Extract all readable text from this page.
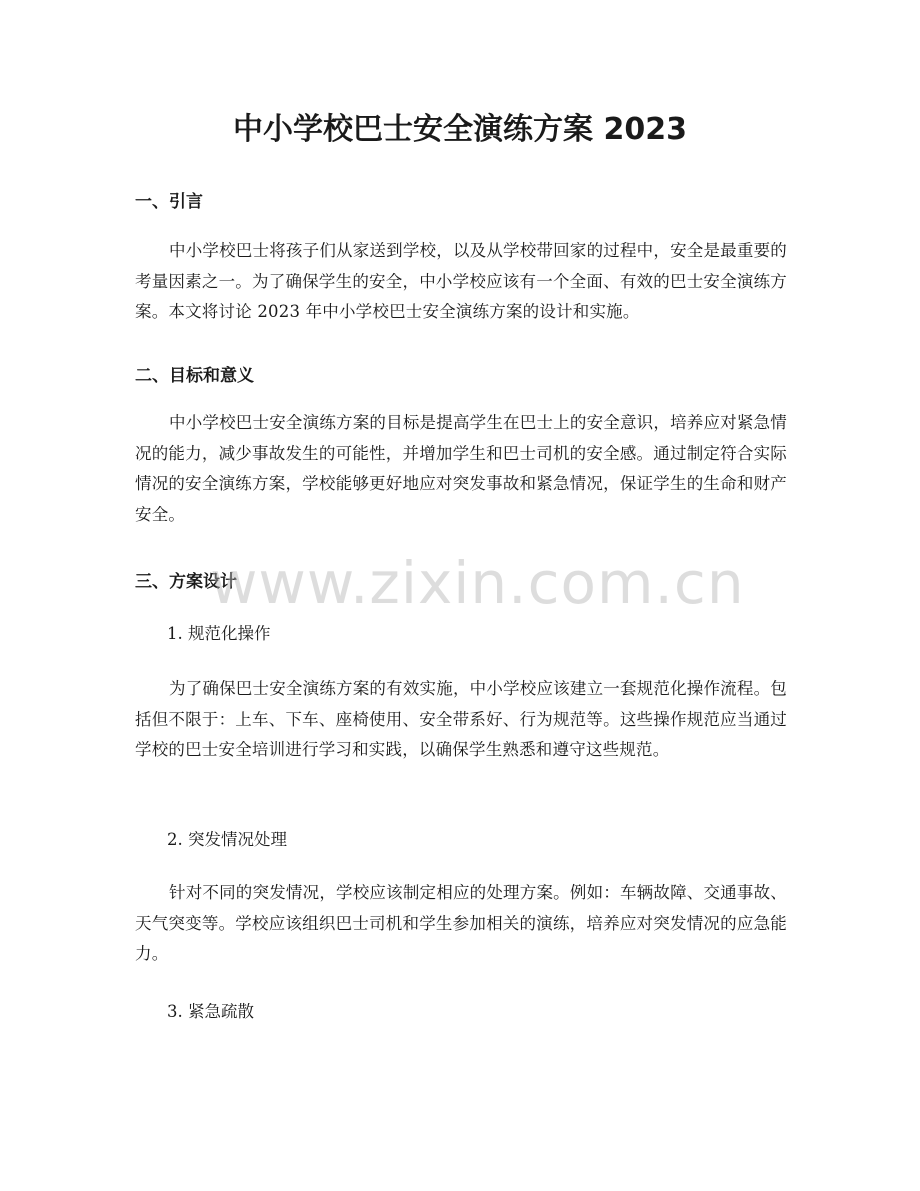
中小学校巴士安全演练方案 2023
一、引言

中小学校巴士将孩子们从家送到学校，以及从学校带回家的过程中，安全是最重要的考量因素之一。为了确保学生的安全，中小学校应该有一个全面、有效的巴士安全演练方案。本文将讨论 2023 年中小学校巴士安全演练方案的设计和实施。

二、目标和意义

中小学校巴士安全演练方案的目标是提高学生在巴士上的安全意识，培养应对紧急情况的能力，减少事故发生的可能性，并增加学生和巴士司机的安全感。通过制定符合实际情况的安全演练方案，学校能够更好地应对突发事故和紧急情况，保证学生的生命和财产安全。

三、方案设计
1. 规范化操作

为了确保巴士安全演练方案的有效实施，中小学校应该建立一套规范化操作流程。包括但不限于：上车、下车、座椅使用、安全带系好、行为规范等。这些操作规范应当通过学校的巴士安全培训进行学习和实践，以确保学生熟悉和遵守这些规范。

2. 突发情况处理

针对不同的突发情况，学校应该制定相应的处理方案。例如：车辆故障、交通事故、天气突变等。学校应该组织巴士司机和学生参加相关的演练，培养应对突发情况的应急能力。

3. 紧急疏散
www.zixin.com.cn
